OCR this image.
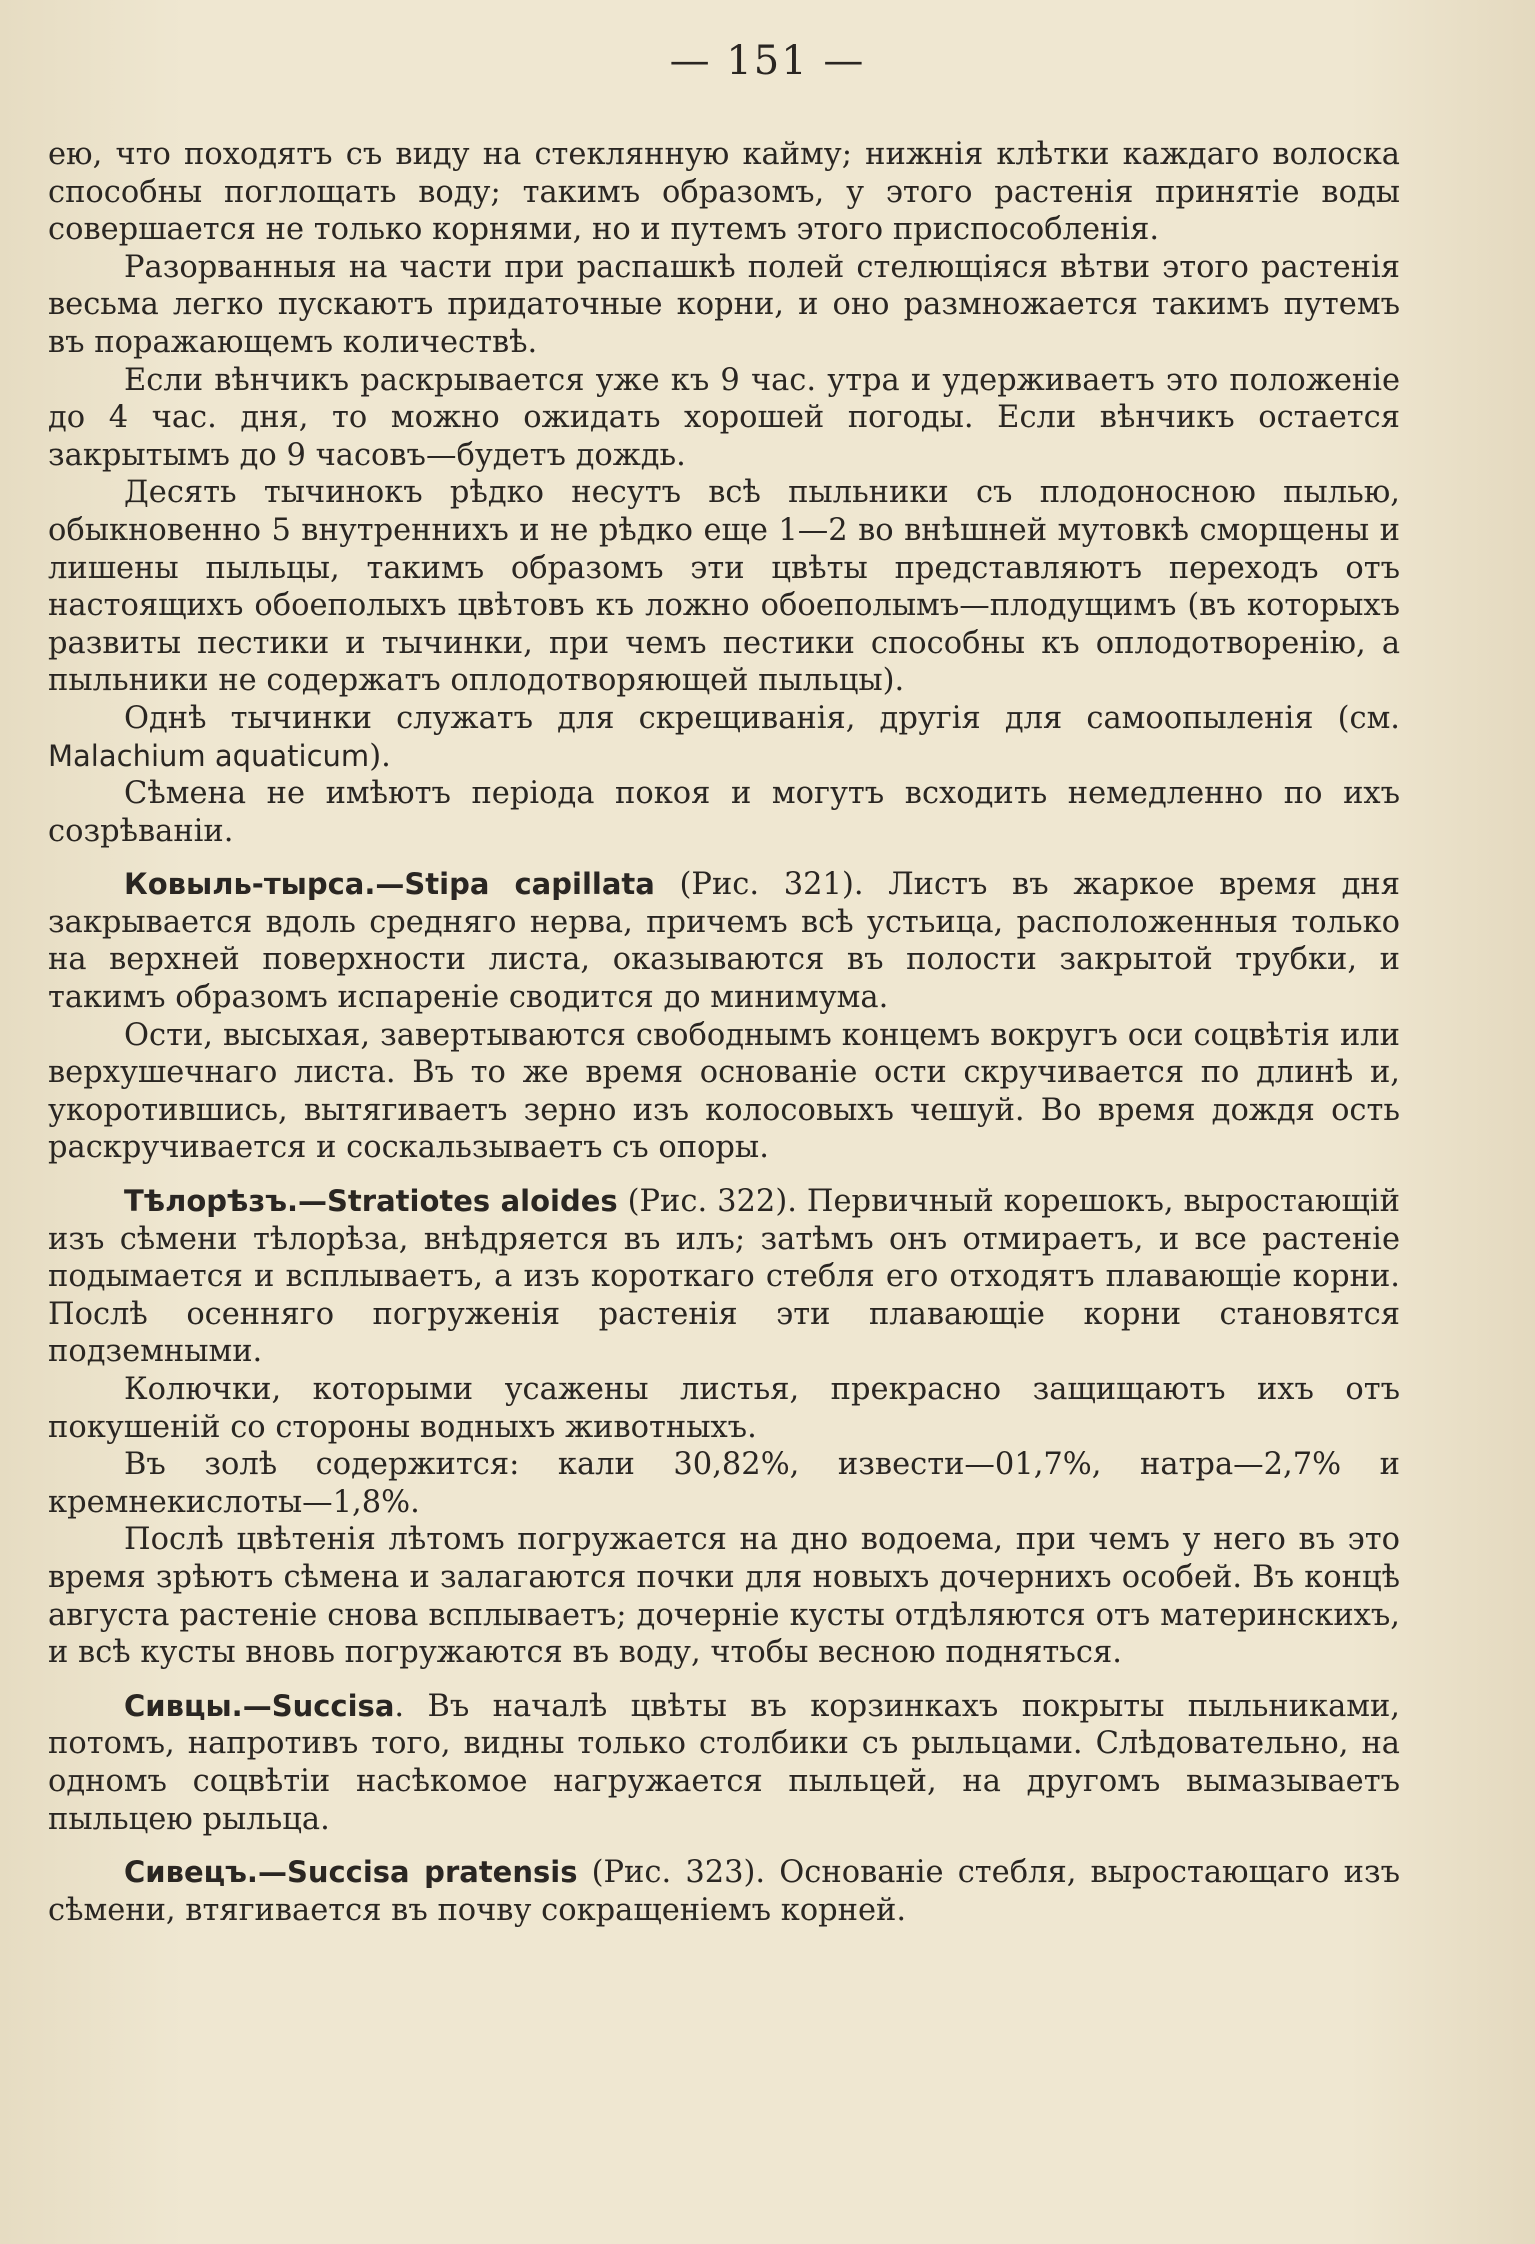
— 151 —

ею, что походятъ съ виду на стеклянную кайму; нижнія клѣтки каждаго волоска способны поглощать воду; такимъ образомъ, у этого растенія принятіе воды совершается не только корнями, но и путемъ этого приспособленія.

Разорванныя на части при распашкѣ полей стелющіяся вѣтви этого растенія весьма легко пускаютъ придаточные корни, и оно размножается такимъ путемъ въ поражающемъ количествѣ.

Если вѣнчикъ раскрывается уже къ 9 час. утра и удерживаетъ это положеніе до 4 час. дня, то можно ожидать хорошей погоды. Если вѣнчикъ остается закрытымъ до 9 часовъ—будетъ дождь.

Десять тычинокъ рѣдко несутъ всѣ пыльники съ плодоносною пылью, обыкновенно 5 внутреннихъ и не рѣдко еще 1—2 во внѣшней мутовкѣ сморщены и лишены пыльцы, такимъ образомъ эти цвѣты представляютъ переходъ отъ настоящихъ обоеполыхъ цвѣтовъ къ ложно обоеполымъ—плодущимъ (въ которыхъ развиты пестики и тычинки, при чемъ пестики способны къ оплодотворенію, а пыльники не содержатъ оплодотворяющей пыльцы).

Однѣ тычинки служатъ для скрещиванія, другія для самоопыленія (см. Malachium aquaticum).

Сѣмена не имѣютъ періода покоя и могутъ всходить немедленно по ихъ созрѣваніи.

Ковыль-тырса.—Stipa capillata (Рис. 321). Листъ въ жаркое время дня закрывается вдоль средняго нерва, причемъ всѣ устьица, расположенныя только на верхней поверхности листа, оказываются въ полости закрытой трубки, и такимъ образомъ испареніе сводится до минимума.

Ости, высыхая, завертываются свободнымъ концемъ вокругъ оси соцвѣтія или верхушечнаго листа. Въ то же время основаніе ости скручивается по длинѣ и, укоротившись, вытягиваетъ зерно изъ колосовыхъ чешуй. Во время дождя ость раскручивается и соскальзываетъ съ опоры.

Тѣлорѣзъ.—Stratiotes aloides (Рис. 322). Первичный корешокъ, выростающій изъ сѣмени тѣлорѣза, внѣдряется въ илъ; затѣмъ онъ отмираетъ, и все растеніе подымается и всплываетъ, а изъ короткаго стебля его отходятъ плавающіе корни. Послѣ осенняго погруженія растенія эти плавающіе корни становятся подземными.

Колючки, которыми усажены листья, прекрасно защищаютъ ихъ отъ покушеній со стороны водныхъ животныхъ.

Въ золѣ содержится: кали 30,82%, извести—01,7%, натра—2,7% и кремнекислоты—1,8%.

Послѣ цвѣтенія лѣтомъ погружается на дно водоема, при чемъ у него въ это время зрѣютъ сѣмена и залагаются почки для новыхъ дочернихъ особей. Въ концѣ августа растеніе снова всплываетъ; дочерніе кусты отдѣляются отъ материнскихъ, и всѣ кусты вновь погружаются въ воду, чтобы весною подняться.

Сивцы.—Succisa. Въ началѣ цвѣты въ корзинкахъ покрыты пыльниками, потомъ, напротивъ того, видны только столбики съ рыльцами. Слѣдовательно, на одномъ соцвѣтіи насѣкомое нагружается пыльцей, на другомъ вымазываетъ пыльцею рыльца.

Сивецъ.—Succisa pratensis (Рис. 323). Основаніе стебля, выростающаго изъ сѣмени, втягивается въ почву сокращеніемъ корней.
